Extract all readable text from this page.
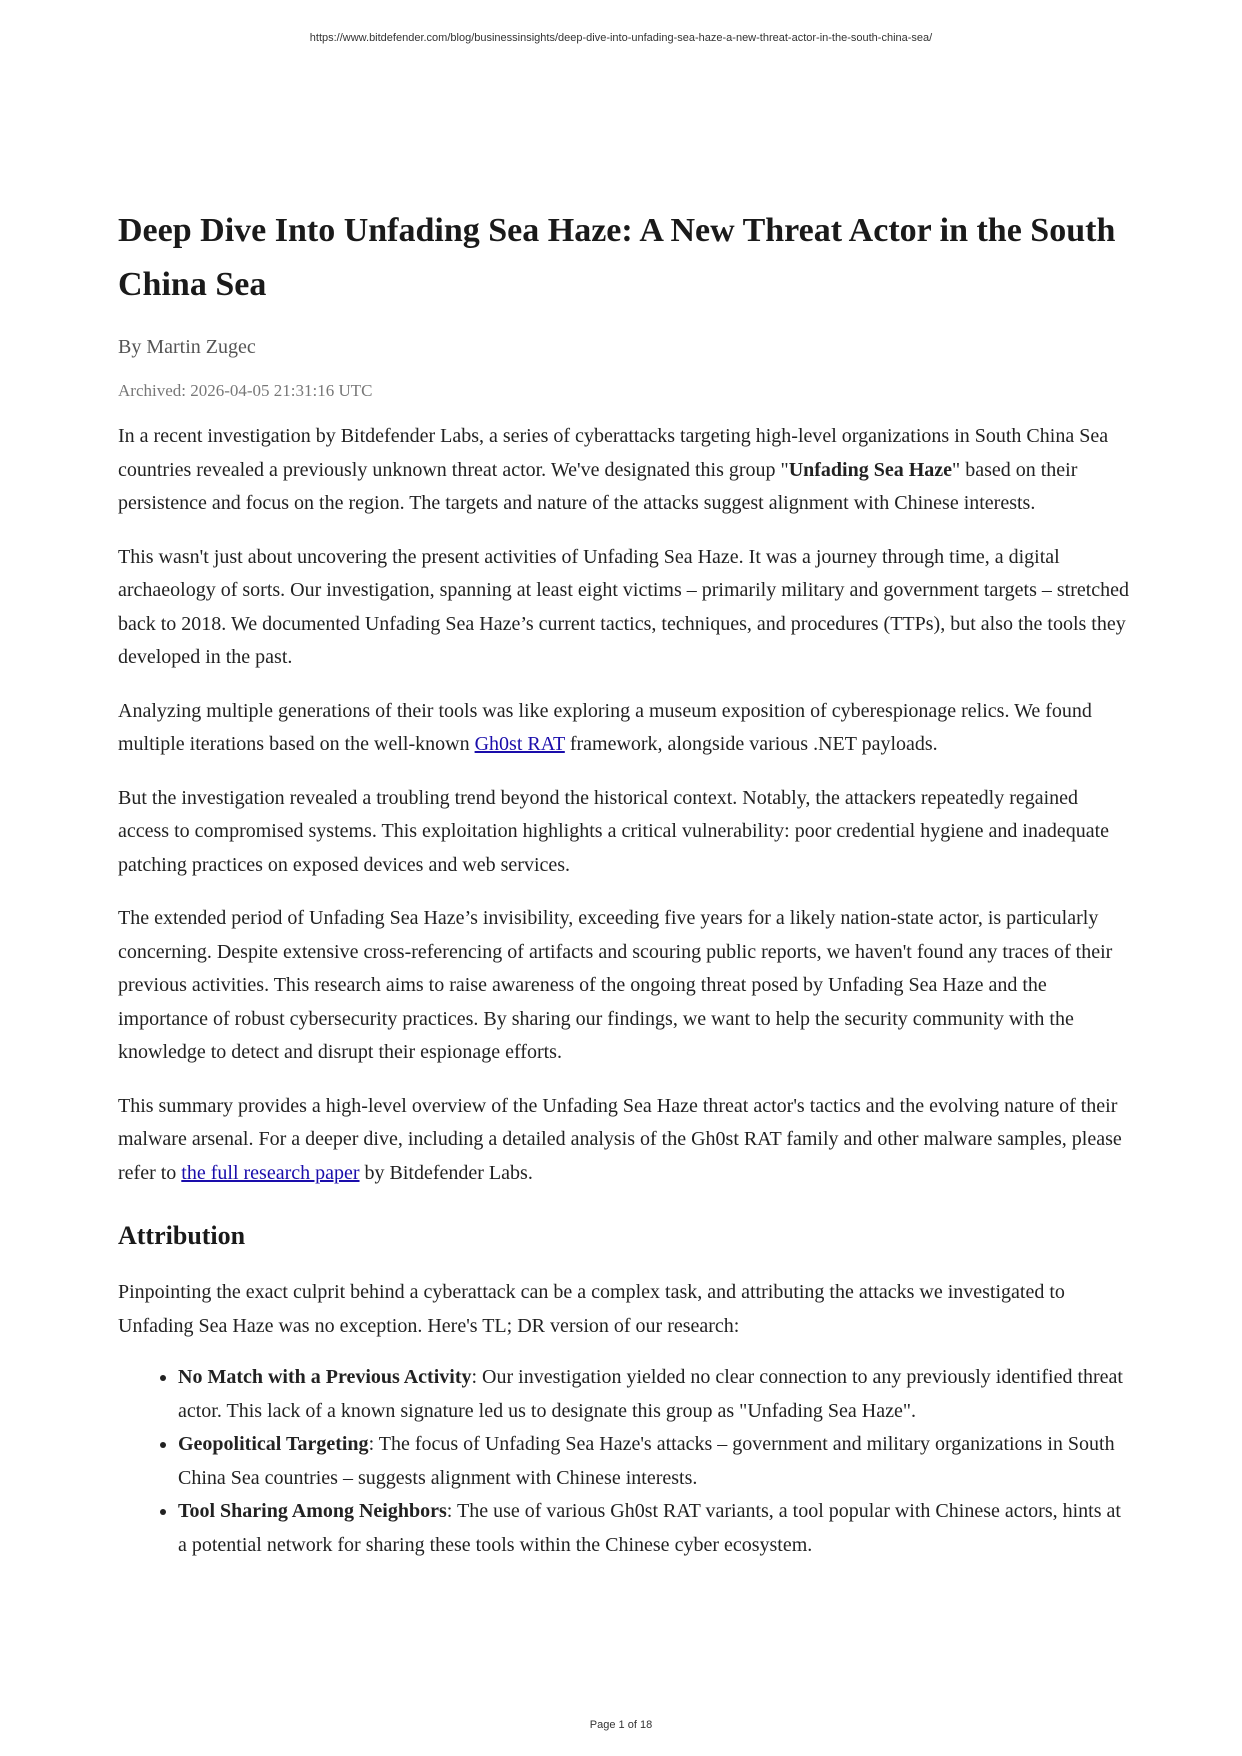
https://www.bitdefender.com/blog/businessinsights/deep-dive-into-unfading-sea-haze-a-new-threat-actor-in-the-south-china-sea/
Deep Dive Into Unfading Sea Haze: A New Threat Actor in the South China Sea
By Martin Zugec
Archived: 2026-04-05 21:31:16 UTC

In a recent investigation by Bitdefender Labs, a series of cyberattacks targeting high-level organizations in South China Sea countries revealed a previously unknown threat actor. We've designated this group "Unfading Sea Haze" based on their persistence and focus on the region. The targets and nature of the attacks suggest alignment with Chinese interests.

This wasn't just about uncovering the present activities of Unfading Sea Haze. It was a journey through time, a digital archaeology of sorts. Our investigation, spanning at least eight victims – primarily military and government targets – stretched back to 2018. We documented Unfading Sea Haze’s current tactics, techniques, and procedures (TTPs), but also the tools they developed in the past.

Analyzing multiple generations of their tools was like exploring a museum exposition of cyberespionage relics. We found multiple iterations based on the well-known Gh0st RAT framework, alongside various .NET payloads.

But the investigation revealed a troubling trend beyond the historical context. Notably, the attackers repeatedly regained access to compromised systems. This exploitation highlights a critical vulnerability: poor credential hygiene and inadequate patching practices on exposed devices and web services.

The extended period of Unfading Sea Haze’s invisibility, exceeding five years for a likely nation-state actor, is particularly concerning. Despite extensive cross-referencing of artifacts and scouring public reports, we haven't found any traces of their previous activities. This research aims to raise awareness of the ongoing threat posed by Unfading Sea Haze and the importance of robust cybersecurity practices. By sharing our findings, we want to help the security community with the knowledge to detect and disrupt their espionage efforts.

This summary provides a high-level overview of the Unfading Sea Haze threat actor's tactics and the evolving nature of their malware arsenal. For a deeper dive, including a detailed analysis of the Gh0st RAT family and other malware samples, please refer to the full research paper by Bitdefender Labs.

Attribution

Pinpointing the exact culprit behind a cyberattack can be a complex task, and attributing the attacks we investigated to Unfading Sea Haze was no exception. Here's TL; DR version of our research:

• No Match with a Previous Activity: Our investigation yielded no clear connection to any previously identified threat actor. This lack of a known signature led us to designate this group as "Unfading Sea Haze".
• Geopolitical Targeting: The focus of Unfading Sea Haze's attacks – government and military organizations in South China Sea countries – suggests alignment with Chinese interests.
• Tool Sharing Among Neighbors: The use of various Gh0st RAT variants, a tool popular with Chinese actors, hints at a potential network for sharing these tools within the Chinese cyber ecosystem.
Page 1 of 18
